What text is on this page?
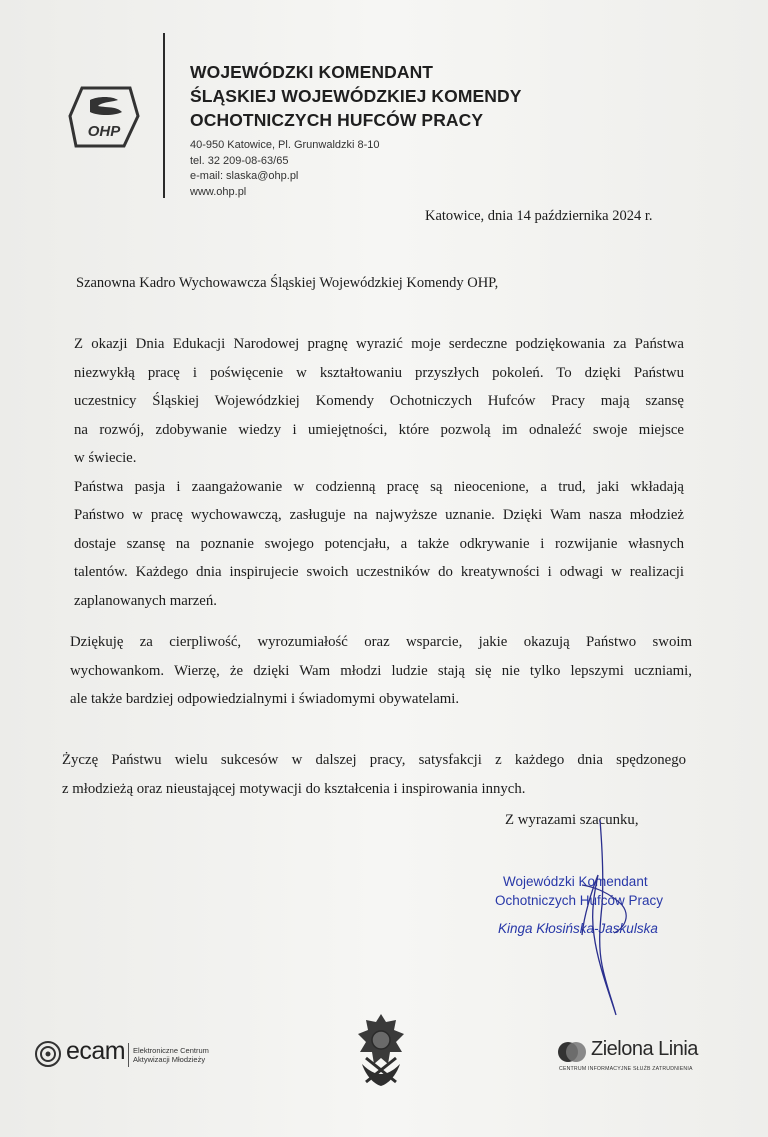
OHP
WOJEWÓDZKI KOMENDANT
ŚLĄSKIEJ WOJEWÓDZKIEJ KOMENDY
OCHOTNICZYCH HUFCÓW PRACY
40-950 Katowice, Pl. Grunwaldzki 8-10
tel. 32 209-08-63/65
e-mail: slaska@ohp.pl
www.ohp.pl
Katowice, dnia 14 października 2024 r.
Szanowna Kadro Wychowawcza Śląskiej Wojewódzkiej Komendy OHP,
Z okazji Dnia Edukacji Narodowej pragnę wyrazić moje serdeczne podziękowania za Państwa
niezwykłą pracę i poświęcenie w kształtowaniu przyszłych pokoleń. To dzięki Państwu
uczestnicy Śląskiej Wojewódzkiej Komendy Ochotniczych Hufców Pracy mają szansę
na rozwój, zdobywanie wiedzy i umiejętności, które pozwolą im odnaleźć swoje miejsce
w świecie.
Państwa pasja i zaangażowanie w codzienną pracę są nieocenione, a trud, jaki wkładają
Państwo w pracę wychowawczą, zasługuje na najwyższe uznanie. Dzięki Wam nasza młodzież
dostaje szansę na poznanie swojego potencjału, a także odkrywanie i rozwijanie własnych
talentów. Każdego dnia inspirujecie swoich uczestników do kreatywności i odwagi w realizacji
zaplanowanych marzeń.
Dziękuję za cierpliwość, wyrozumiałość oraz wsparcie, jakie okazują Państwo swoim
wychowankom. Wierzę, że dzięki Wam młodzi ludzie stają się nie tylko lepszymi uczniami,
ale także bardziej odpowiedzialnymi i świadomymi obywatelami.
Życzę Państwu wielu sukcesów w dalszej pracy, satysfakcji z każdego dnia spędzonego
z młodzieżą oraz nieustającej motywacji do kształcenia i inspirowania innych.
Z wyrazami szacunku,
Wojewódzki Komendant
Ochotniczych Hufców Pracy
Kinga Kłosińska-Jaskulska
ecam Elektroniczne Centrum
Aktywizacji Młodzieży	Zielona Linia
CENTRUM INFORMACYJNE SŁUŻB ZATRUDNIENIA
